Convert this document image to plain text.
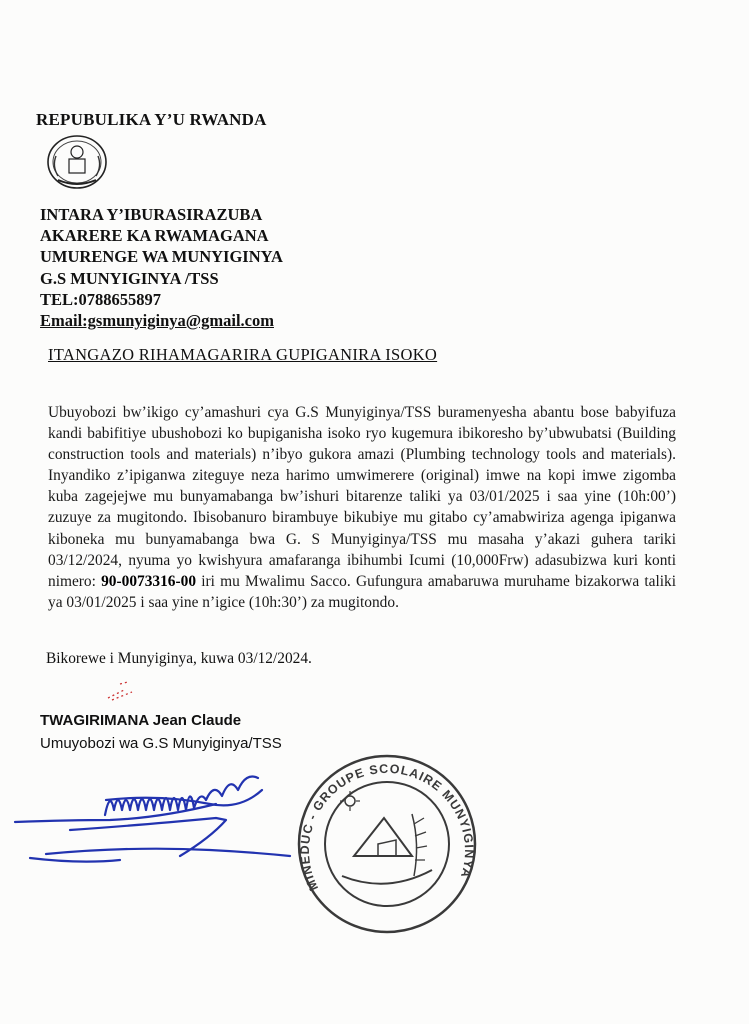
REPUBULIKA Y’U RWANDA
INTARA Y’IBURASIRAZUBA
AKARERE KA RWAMAGANA
UMURENGE WA MUNYIGINYA
G.S MUNYIGINYA /TSS
TEL:0788655897
Email:gsmunyiginya@gmail.com
ITANGAZO RIHAMAGARIRA GUPIGANIRA ISOKO
Ubuyobozi bw’ikigo cy’amashuri cya G.S Munyiginya/TSS buramenyesha abantu bose babyifuza kandi babifitiye ubushobozi ko bupiganisha isoko ryo kugemura ibikoresho by’ubwubatsi (Building construction tools and materials) n’ibyo gukora amazi (Plumbing technology tools and materials). Inyandiko z’ipiganwa ziteguye neza harimo umwimerere (original) imwe na kopi imwe zigomba kuba zagejejwe mu bunyamabanga bw’ishuri bitarenze taliki ya 03/01/2025 i saa yine (10h:00’) zuzuye za mugitondo. Ibisobanuro birambuye bikubiye mu gitabo cy’amabwiriza agenga ipiganwa kiboneka mu bunyamabanga bwa G. S Munyiginya/TSS mu masaha y’akazi guhera tariki 03/12/2024, nyuma yo kwishyura amafaranga ibihumbi Icumi (10,000Frw) adasubizwa kuri konti nimero: 90-0073316-00 iri mu Mwalimu Sacco. Gufungura amabaruwa muruhame bizakorwa taliki ya 03/01/2025 i saa yine n’igice (10h:30’) za mugitondo.
Bikorewe i Munyiginya, kuwa 03/12/2024.
TWAGIRIMANA Jean Claude
Umuyobozi wa G.S Munyiginya/TSS
MINEDUC - GROUPE SCOLAIRE MUNYIGINYA
